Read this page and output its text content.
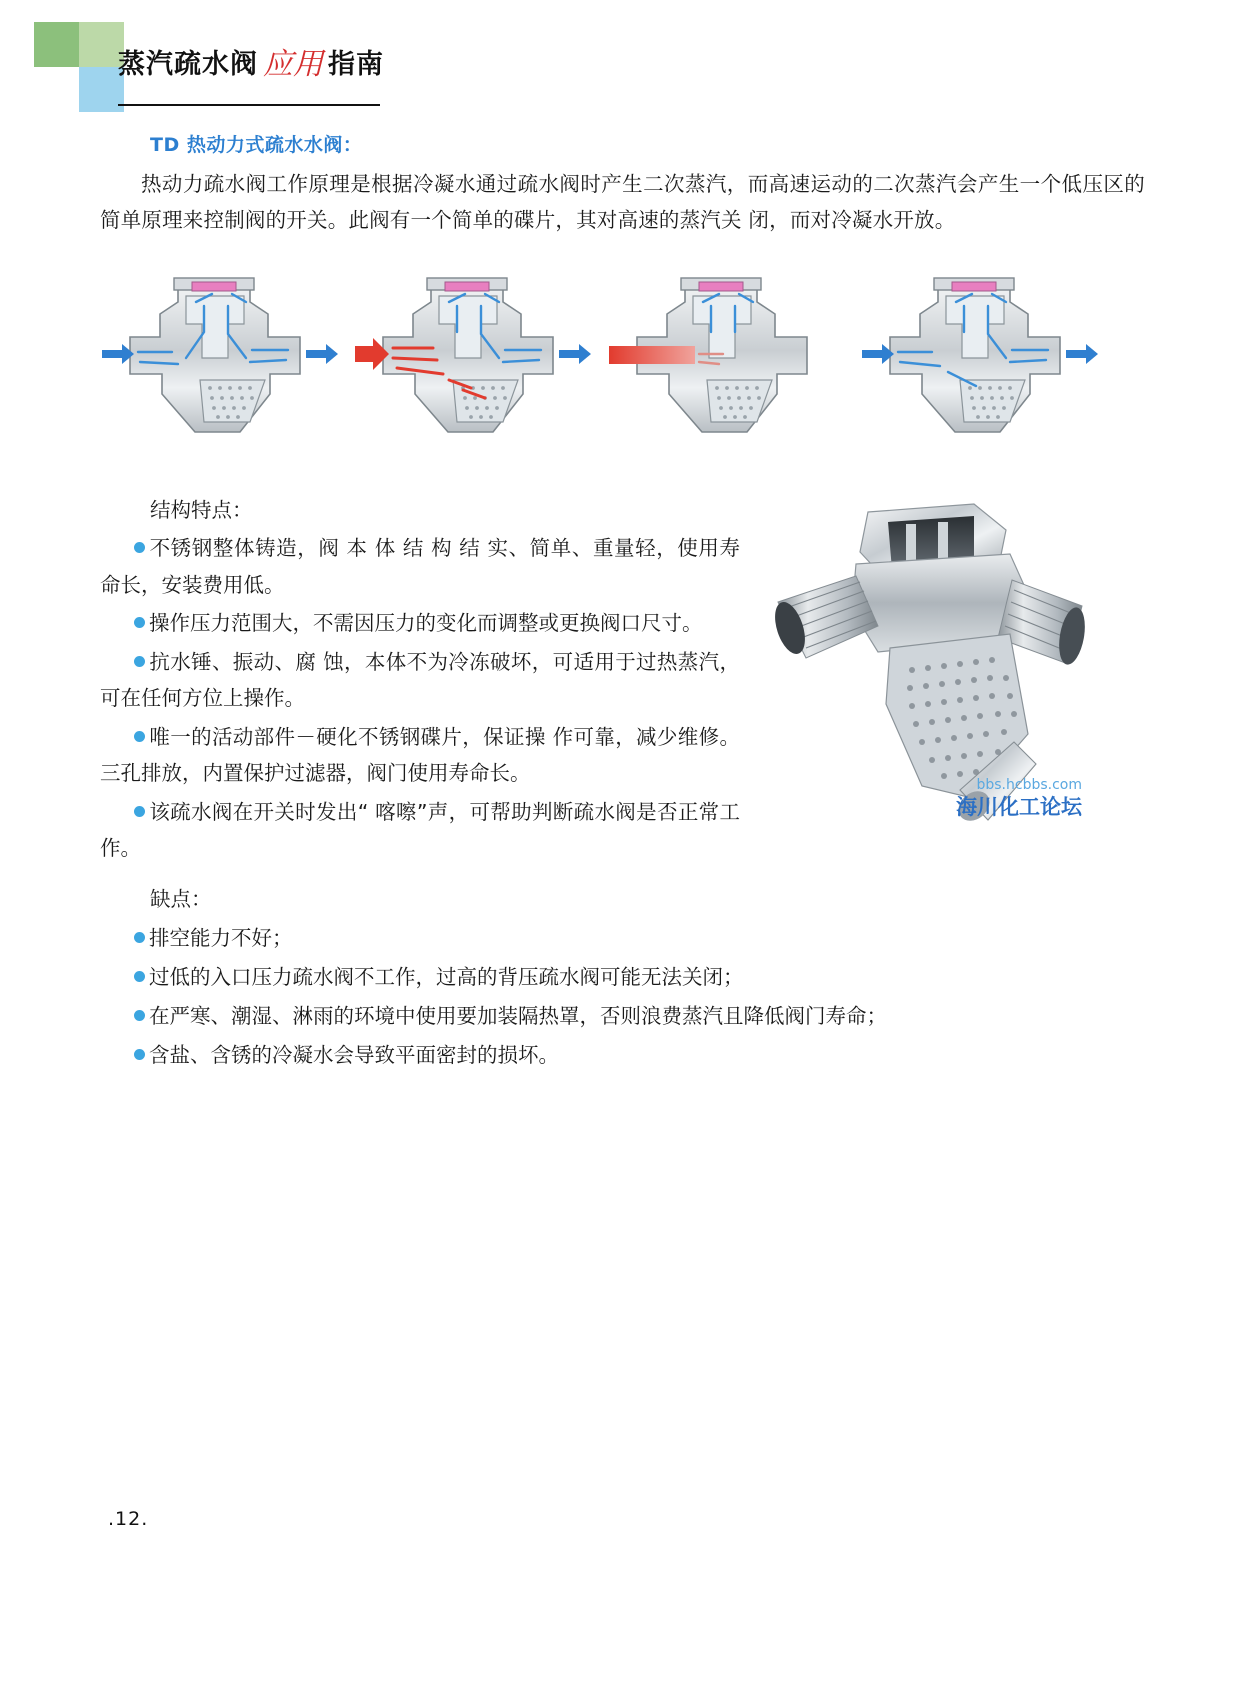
蒸汽疏水阀 应用 指南
TD 热动力式疏水水阀：

热动力疏水阀工作原理是根据冷凝水通过疏水阀时产生二次蒸汽，而高速运动的二次蒸汽会产生一个低压区的简单原理来控制阀的开关。此阀有一个简单的碟片，其对高速的蒸汽关 闭，而对冷凝水开放。

结构特点：
不锈钢整体铸造，阀 本 体 结 构 结 实、简单、重量轻，使用寿命长，安装费用低。
操作压力范围大，不需因压力的变化而调整或更换阀口尺寸。
抗水锤、振动、腐 蚀，本体不为冷冻破坏，可适用于过热蒸汽，可在任何方位上操作。
唯一的活动部件－硬化不锈钢碟片，保证操 作可靠，减少维修。三孔排放，内置保护过滤器，阀门使用寿命长。
该疏水阀在开关时发出“ 喀嚓”声，可帮助判断疏水阀是否正常工作。
bbs.hcbbs.com
海川化工论坛
缺点：
排空能力不好；
过低的入口压力疏水阀不工作，过高的背压疏水阀可能无法关闭；
在严寒、潮湿、淋雨的环境中使用要加装隔热罩，否则浪费蒸汽且降低阀门寿命；
含盐、含锈的冷凝水会导致平面密封的损坏。
.12.
